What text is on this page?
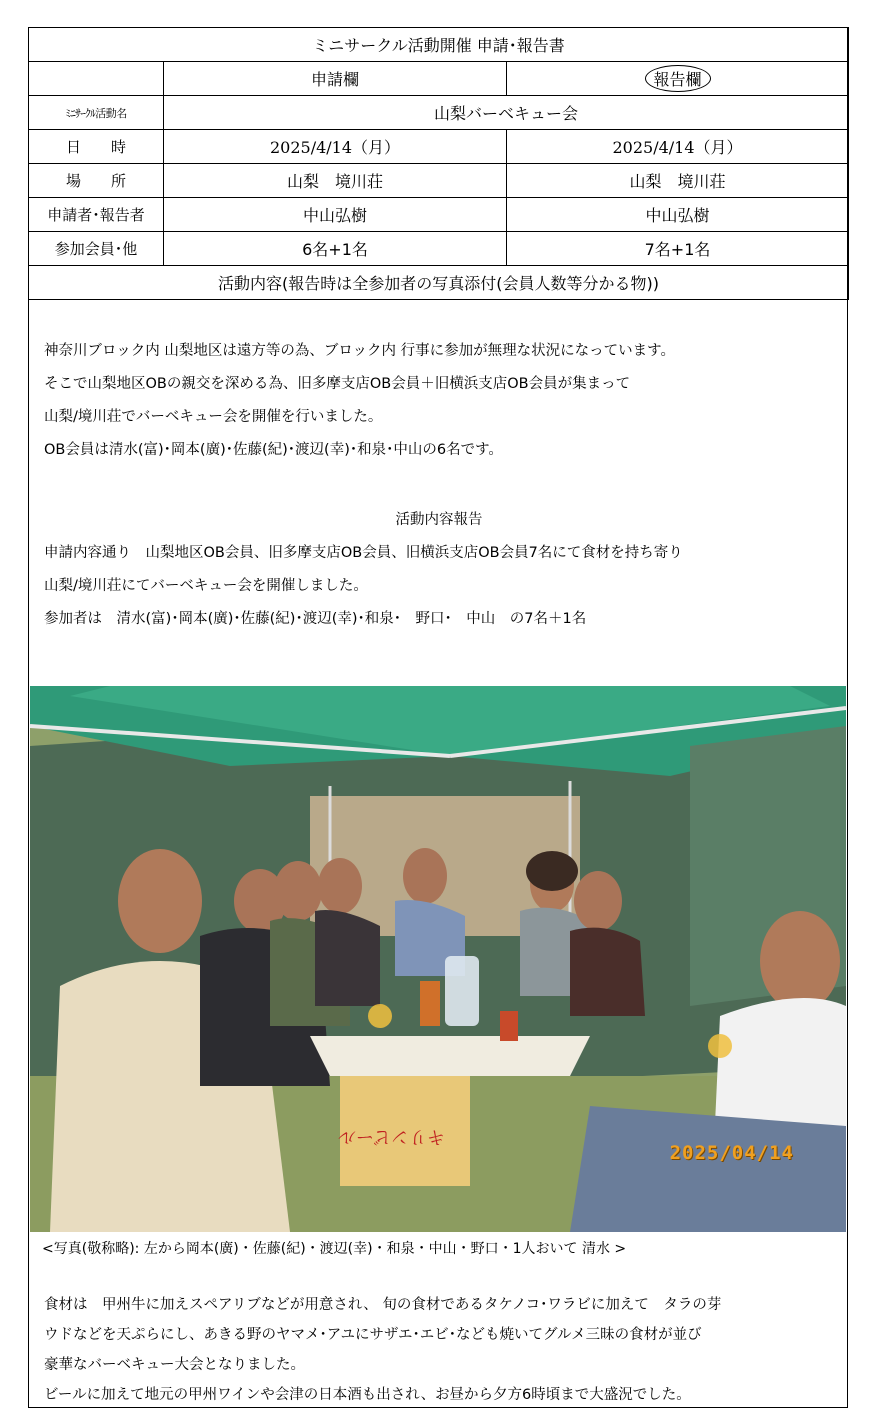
ミニサークル活動開催 申請･報告書		
	申請欄	報告欄
ﾐﾆｻｰｸﾙ活動名	山梨バーベキュー会	
日　　時	2025/4/14（月）	2025/4/14（月）
場　　所	山梨　境川荘	山梨　境川荘
申請者･報告者	中山弘樹	中山弘樹
参加会員･他	6名+1名	7名+1名
活動内容(報告時は全参加者の写真添付(会員人数等分かる物))		
神奈川ブロック内 山梨地区は遠方等の為、ブロック内 行事に参加が無理な状況になっています。
そこで山梨地区OBの親交を深める為、旧多摩支店OB会員＋旧横浜支店OB会員が集まって
山梨/境川荘でバーベキュー会を開催を行いました。
OB会員は清水(富)･岡本(廣)･佐藤(紀)･渡辺(幸)･和泉･中山の6名です。
活動内容報告
申請内容通り　山梨地区OB会員、旧多摩支店OB会員、旧横浜支店OB会員7名にて食材を持ち寄り
山梨/境川荘にてバーベキュー会を開催しました。
参加者は　清水(富)･岡本(廣)･佐藤(紀)･渡辺(幸)･和泉･　野口･　中山　の7名＋1名
キリンビール
2025/04/14
<写真(敬称略): 左から岡本(廣)・佐藤(紀)・渡辺(幸)・和泉・中山・野口・1人おいて 清水 >
食材は　甲州牛に加えスペアリブなどが用意され、 旬の食材であるタケノコ･ワラビに加えて　タラの芽
ウドなどを天ぷらにし、あきる野のヤマメ･アユにサザエ･エビ･なども焼いてグルメ三昧の食材が並び
豪華なバーベキュー大会となりました。
ビールに加えて地元の甲州ワインや会津の日本酒も出され、お昼から夕方6時頃まで大盛況でした。
